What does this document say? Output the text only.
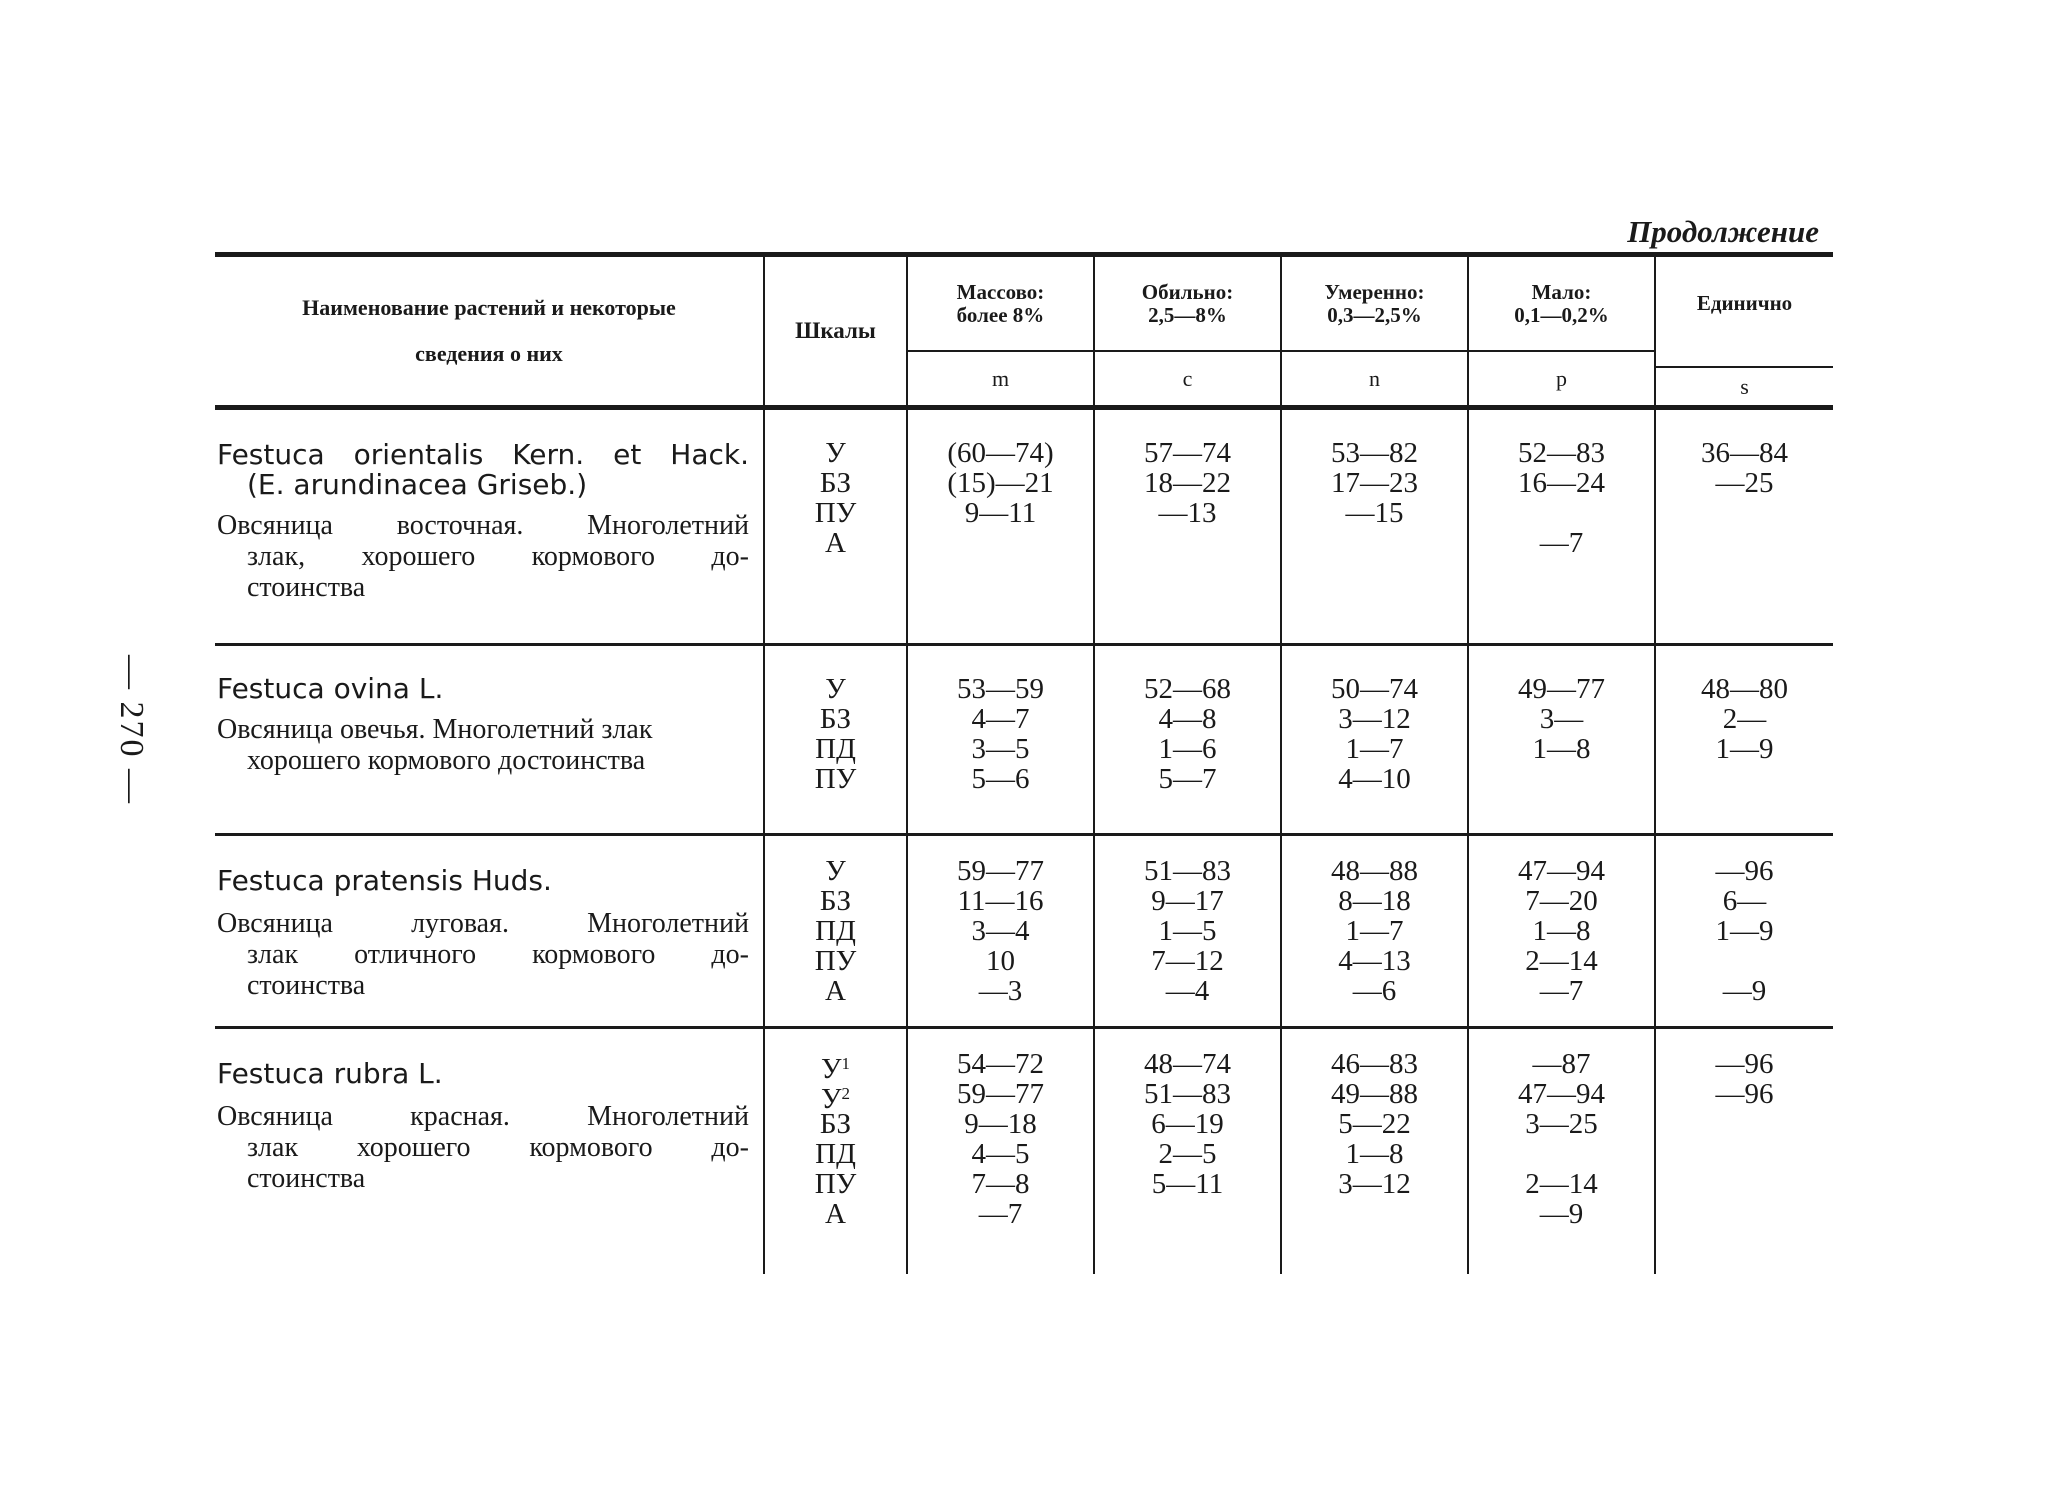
— 270 —
Продолжение
Наименование растений и некоторые
сведения о них
Шкалы
Массово:
более 8%
m
Обильно:
2,5—8%
c
Умеренно:
0,3—2,5%
n
Мало:
0,1—0,2%
p
Единично
s
Festuca orientalis Kern. et Hack.
(E. arundinacea Griseb.)
Овсяница восточная. Многолетний
злак, хорошего кормового до-
стоинства
У
БЗ
ПУ
А
(60—74)
(15)—21
9—11
57—74
18—22
—13
53—82
17—23
—15
52—83
16—24
—7
36—84
—25
Festuca ovina L.
Овсяница овечья. Многолетний злак
хорошего кормового достоинства
У
БЗ
ПД
ПУ
53—59
4—7
3—5
5—6
52—68
4—8
1—6
5—7
50—74
3—12
1—7
4—10
49—77
3—
1—8
48—80
2—
1—9
Festuca pratensis Huds.
Овсяница луговая. Многолетний
злак отличного кормового до-
стоинства
У
БЗ
ПД
ПУ
А
59—77
11—16
3—4
10
—3
51—83
9—17
1—5
7—12
—4
48—88
8—18
1—7
4—13
—6
47—94
7—20
1—8
2—14
—7
—96
6—
1—9
—9
Festuca rubra L.
Овсяница красная. Многолетний
злак хорошего кормового до-
стоинства
$У^1$
$У^2$
БЗ
ПД
ПУ
А
54—72
59—77
9—18
4—5
7—8
—7
48—74
51—83
6—19
2—5
5—11
46—83
49—88
5—22
1—8
3—12
—87
47—94
3—25
2—14
—9
—96
—96
